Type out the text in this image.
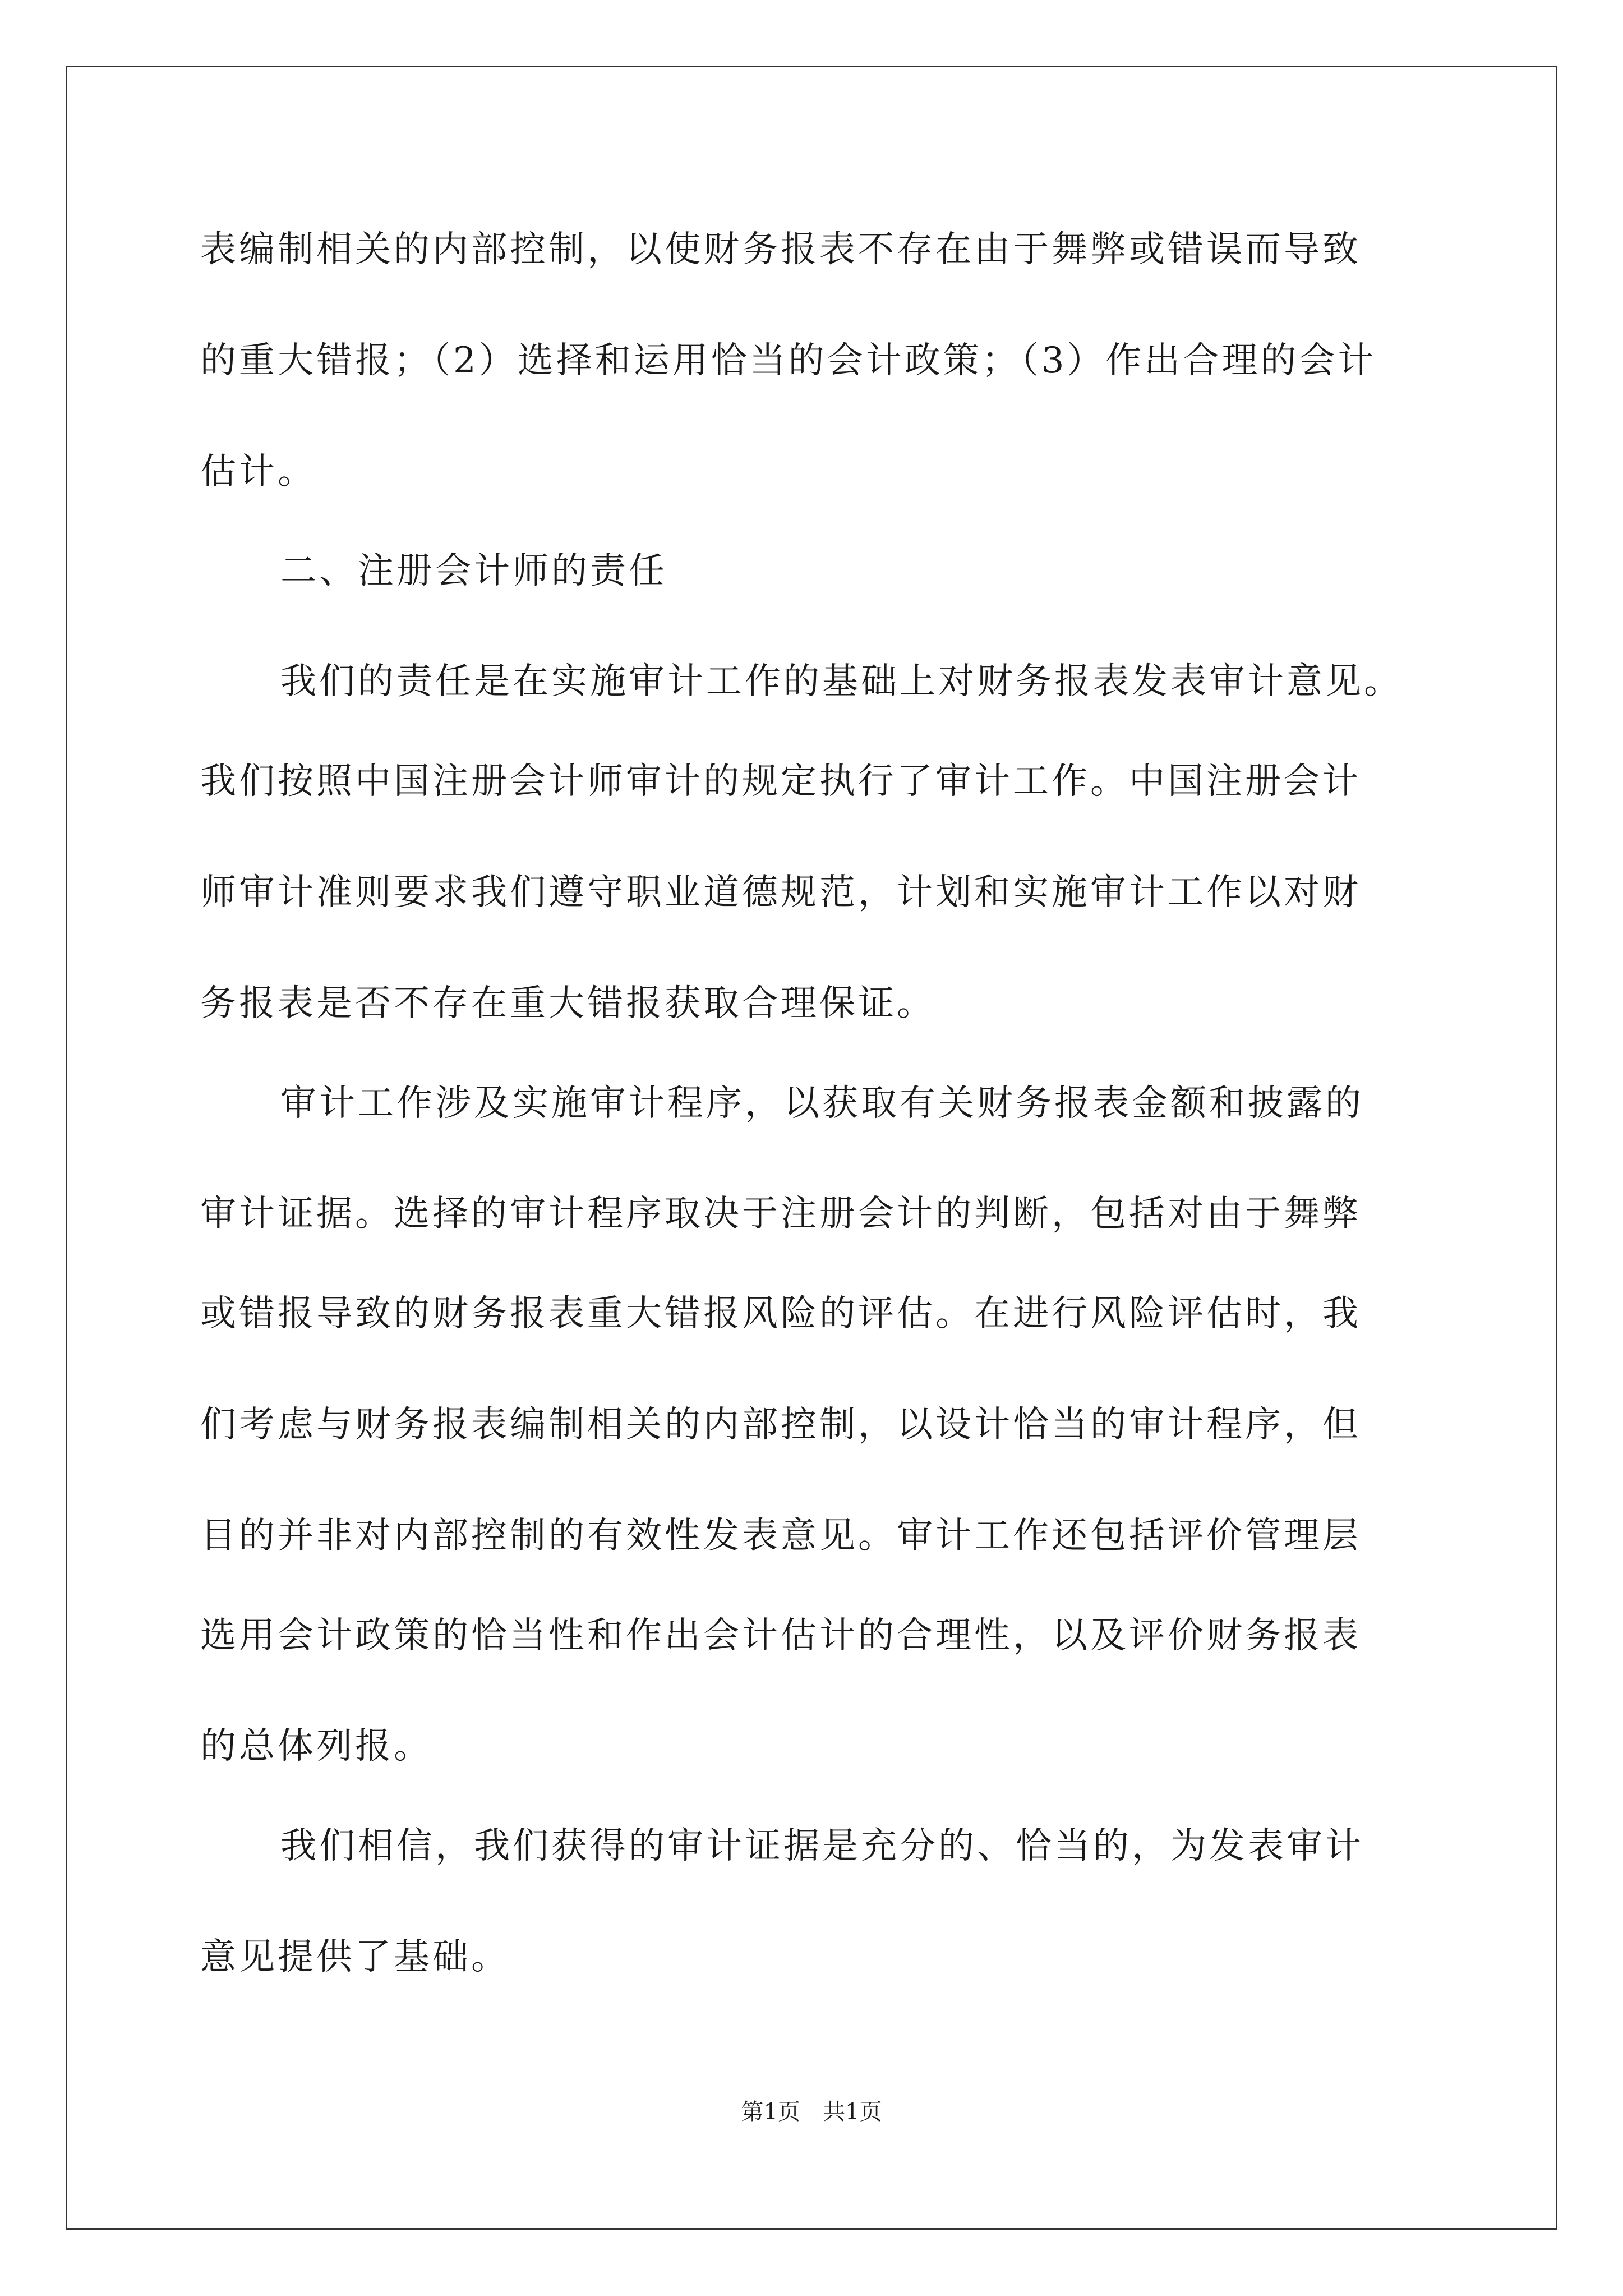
表编制相关的内部控制，以使财务报表不存在由于舞弊或错误而导致

的重大错报；（2）选择和运用恰当的会计政策；（3）作出合理的会计

估计。

二、注册会计师的责任

我们的责任是在实施审计工作的基础上对财务报表发表审计意见。

我们按照中国注册会计师审计的规定执行了审计工作。中国注册会计

师审计准则要求我们遵守职业道德规范，计划和实施审计工作以对财

务报表是否不存在重大错报获取合理保证。

审计工作涉及实施审计程序，以获取有关财务报表金额和披露的

审计证据。选择的审计程序取决于注册会计的判断，包括对由于舞弊

或错报导致的财务报表重大错报风险的评估。在进行风险评估时，我

们考虑与财务报表编制相关的内部控制，以设计恰当的审计程序，但

目的并非对内部控制的有效性发表意见。审计工作还包括评价管理层

选用会计政策的恰当性和作出会计估计的合理性，以及评价财务报表

的总体列报。

我们相信，我们获得的审计证据是充分的、恰当的，为发表审计

意见提供了基础。

第1页　共1页
